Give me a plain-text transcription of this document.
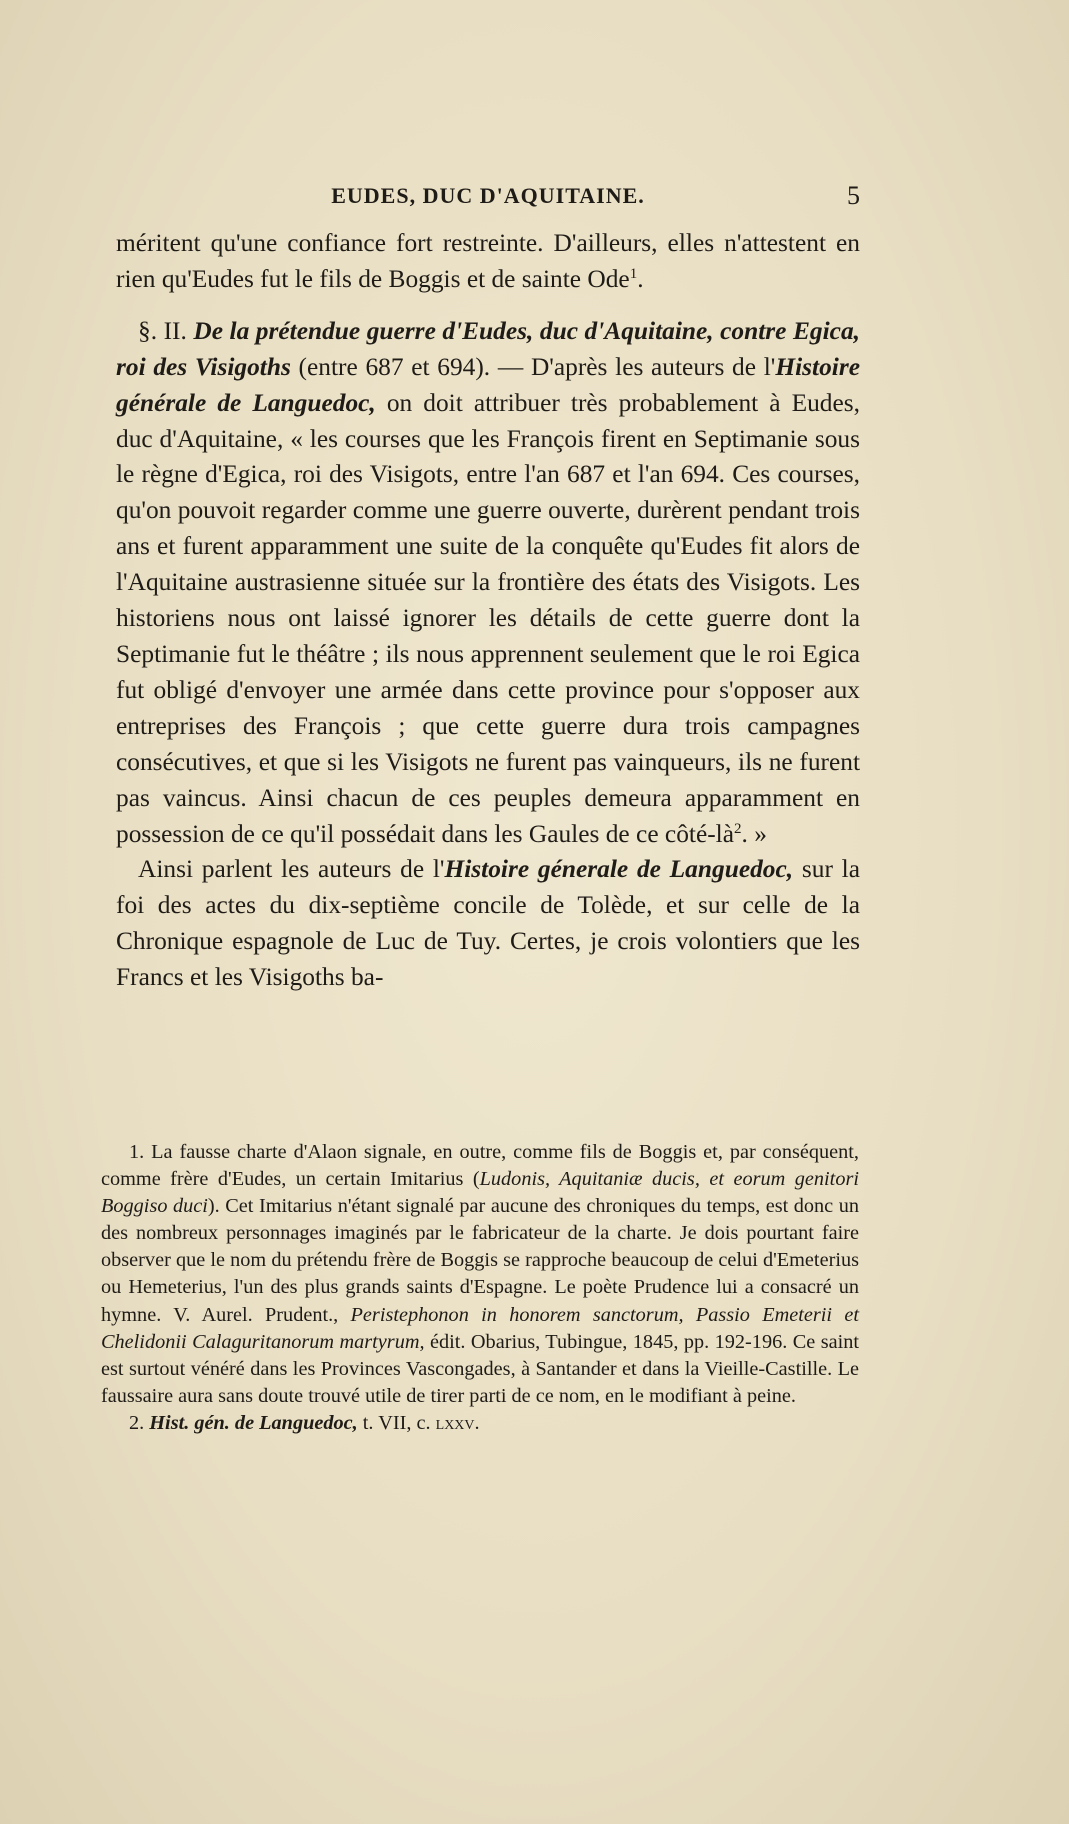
EUDES, DUC D'AQUITAINE.	5

méritent qu'une confiance fort restreinte. D'ailleurs, elles n'attestent en rien qu'Eudes fut le fils de Boggis et de sainte Ode$^1$.

§. II. De la prétendue guerre d'Eudes, duc d'Aquitaine, contre Egica, roi des Visigoths (entre 687 et 694). — D'après les auteurs de l'Histoire générale de Languedoc, on doit attribuer très probablement à Eudes, duc d'Aquitaine, « les courses que les François firent en Septimanie sous le règne d'Egica, roi des Visigots, entre l'an 687 et l'an 694. Ces courses, qu'on pouvoit regarder comme une guerre ouverte, durèrent pendant trois ans et furent apparamment une suite de la conquête qu'Eudes fit alors de l'Aquitaine austrasienne située sur la frontière des états des Visigots. Les historiens nous ont laissé ignorer les détails de cette guerre dont la Septimanie fut le théâtre ; ils nous apprennent seulement que le roi Egica fut obligé d'envoyer une armée dans cette province pour s'opposer aux entreprises des François ; que cette guerre dura trois campagnes consécutives, et que si les Visigots ne furent pas vainqueurs, ils ne furent pas vaincus. Ainsi chacun de ces peuples demeura apparamment en possession de ce qu'il possédait dans les Gaules de ce côté-$là^2$. »

Ainsi parlent les auteurs de l'Histoire génerale de Languedoc, sur la foi des actes du dix-septième concile de Tolède, et sur celle de la Chronique espagnole de Luc de Tuy. Certes, je crois volontiers que les Francs et les Visigoths ba-

1. La fausse charte d'Alaon signale, en outre, comme fils de Boggis et, par conséquent, comme frère d'Eudes, un certain Imitarius (Ludonis, Aquitaniæ ducis, et eorum genitori Boggiso duci). Cet Imitarius n'étant signalé par aucune des chroniques du temps, est donc un des nombreux personnages imaginés par le fabricateur de la charte. Je dois pourtant faire observer que le nom du prétendu frère de Boggis se rapproche beaucoup de celui d'Emeterius ou Hemeterius, l'un des plus grands saints d'Espagne. Le poète Prudence lui a consacré un hymne. V. Aurel. Prudent., Peristephonon in honorem sanctorum, Passio Emeterii et Chelidonii Calaguritanorum martyrum, édit. Obarius, Tubingue, 1845, pp. 192-196. Ce saint est surtout vénéré dans les Provinces Vascongades, à Santander et dans la Vieille-Castille. Le faussaire aura sans doute trouvé utile de tirer parti de ce nom, en le modifiant à peine.

2. Hist. gén. de Languedoc, t. VII, c. lxxv.
